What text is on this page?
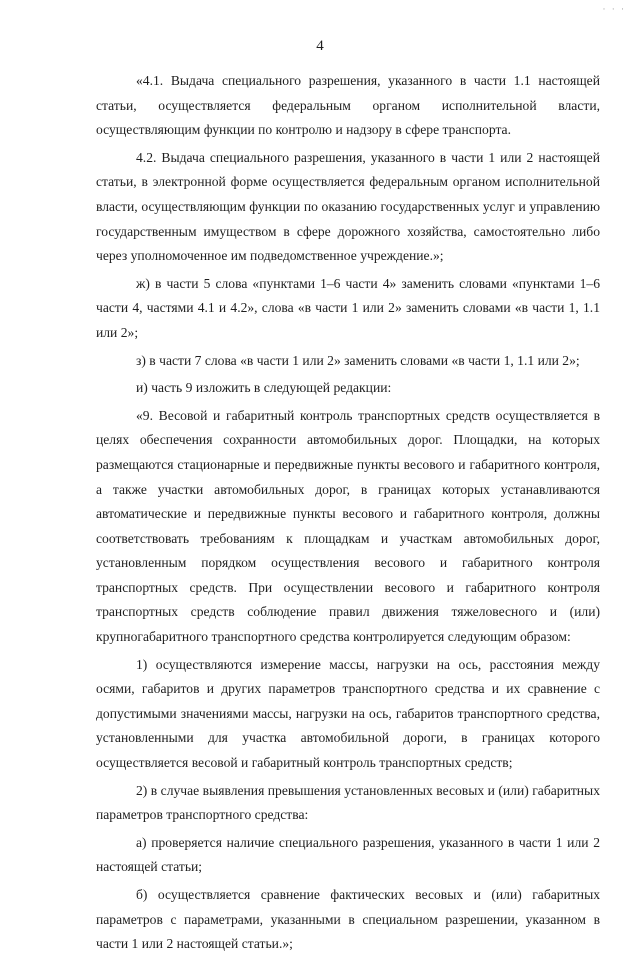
· · ·
4

«4.1. Выдача специального разрешения, указанного в части 1.1 настоящей статьи, осуществляется федеральным органом исполнительной власти, осуществляющим функции по контролю и надзору в сфере транспорта.

4.2. Выдача специального разрешения, указанного в части 1 или 2 настоящей статьи, в электронной форме осуществляется федеральным органом исполнительной власти, осуществляющим функции по оказанию государственных услуг и управлению государственным имуществом в сфере дорожного хозяйства, самостоятельно либо через уполномоченное им подведомственное учреждение.»;

ж) в части 5 слова «пунктами 1–6 части 4» заменить словами «пунктами 1–6 части 4, частями 4.1 и 4.2», слова «в части 1 или 2» заменить словами «в части 1, 1.1 или 2»;

з) в части 7 слова «в части 1 или 2» заменить словами «в части 1, 1.1 или 2»;

и) часть 9 изложить в следующей редакции:

«9. Весовой и габаритный контроль транспортных средств осуществляется в целях обеспечения сохранности автомобильных дорог. Площадки, на которых размещаются стационарные и передвижные пункты весового и габаритного контроля, а также участки автомобильных дорог, в границах которых устанавливаются автоматические и передвижные пункты весового и габаритного контроля, должны соответствовать требованиям к площадкам и участкам автомобильных дорог, установленным порядком осуществления весового и габаритного контроля транспортных средств. При осуществлении весового и габаритного контроля транспортных средств соблюдение правил движения тяжеловесного и (или) крупногабаритного транспортного средства контролируется следующим образом:

1) осуществляются измерение массы, нагрузки на ось, расстояния между осями, габаритов и других параметров транспортного средства и их сравнение с допустимыми значениями массы, нагрузки на ось, габаритов транспортного средства, установленными для участка автомобильной дороги, в границах которого осуществляется весовой и габаритный контроль транспортных средств;

2) в случае выявления превышения установленных весовых и (или) габаритных параметров транспортного средства:

а) проверяется наличие специального разрешения, указанного в части 1 или 2 настоящей статьи;

б) осуществляется сравнение фактических весовых и (или) габаритных параметров с параметрами, указанными в специальном разрешении, указанном в части 1 или 2 настоящей статьи.»;
